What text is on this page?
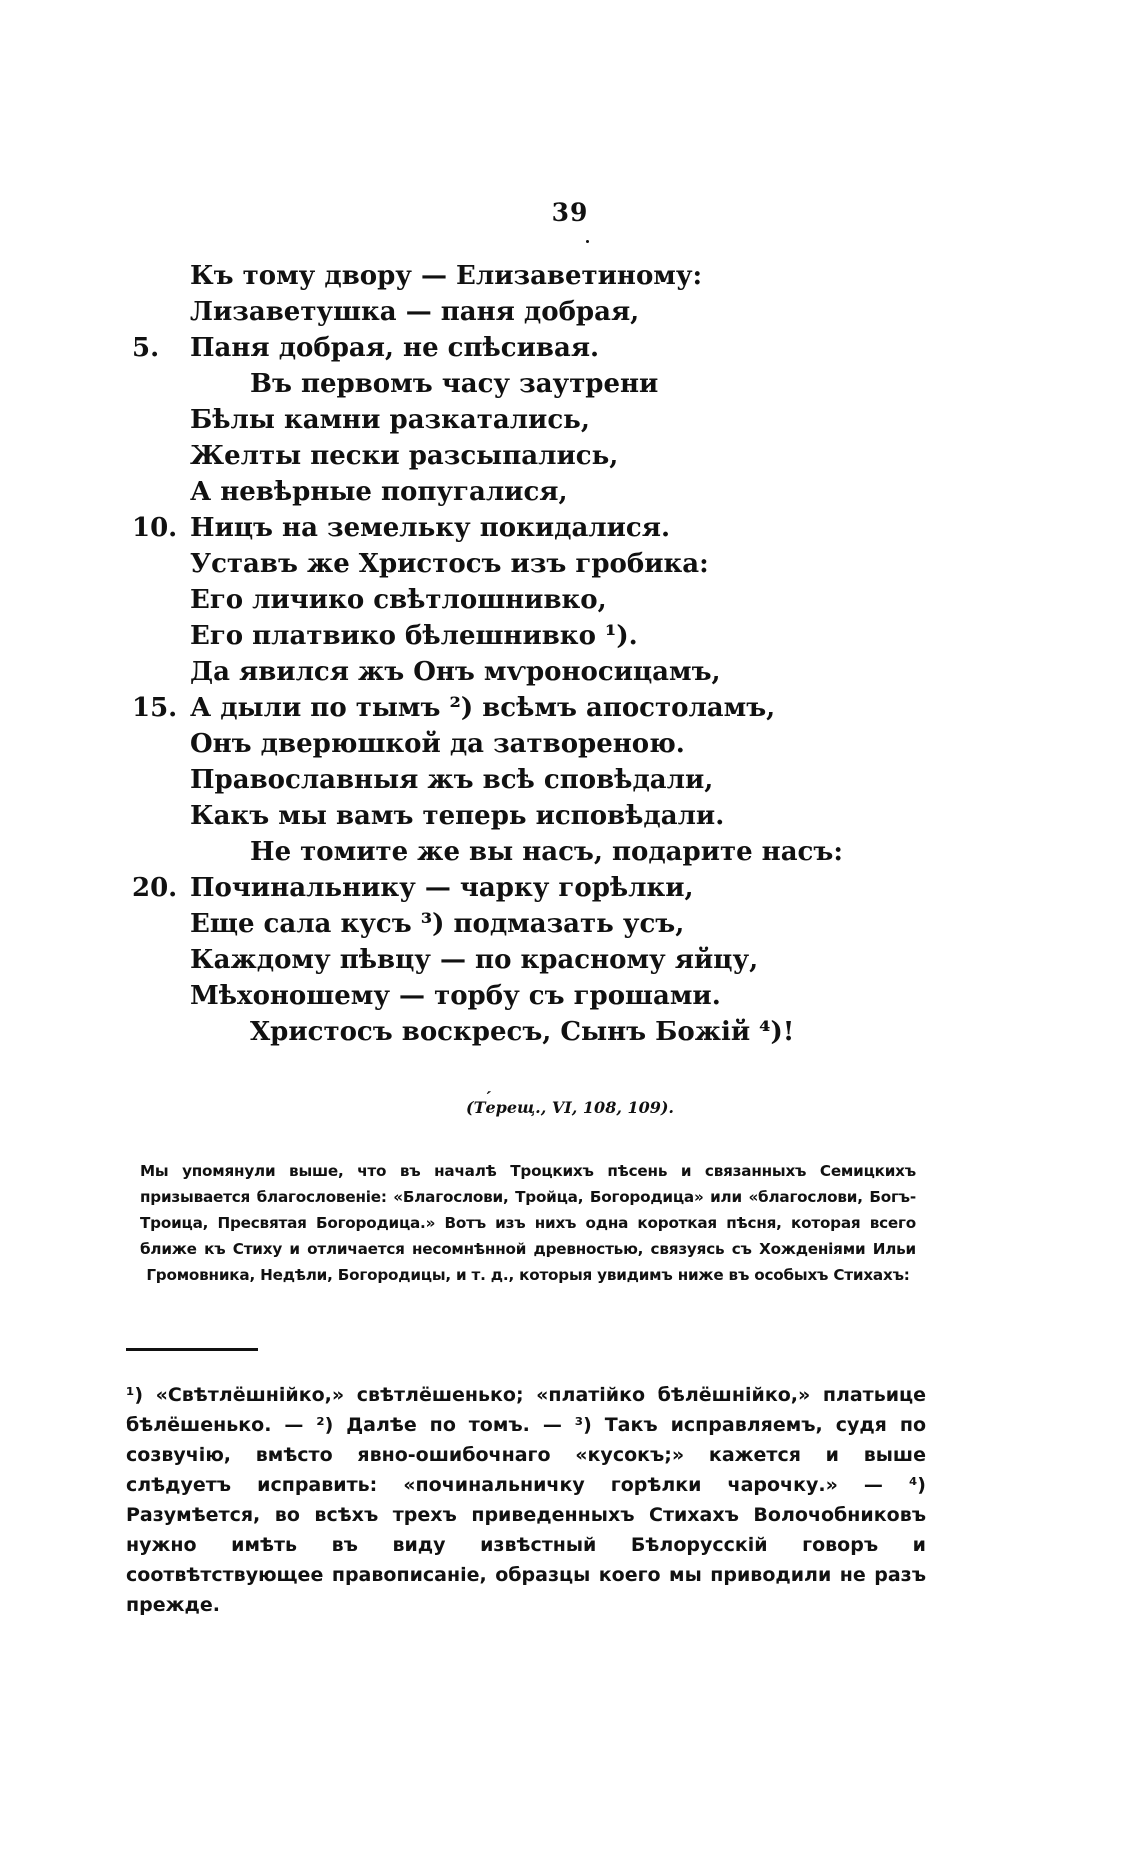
39
Къ тому двору — Елизаветиному:
Лизаветушка — паня добрая,
5.	Паня добрая, не спѣсивая.
Въ первомъ часу заутрени
Бѣлы камни разкатались,
Желты пески разсыпались,
А невѣрные попугалися,
10. Ницъ на земельку покидалися.
Уставъ же Христосъ изъ гробика:
Его личико свѣтлошнивко,
Его платвико бѣлешнивко ¹).
Да явился жъ Онъ мѵроносицамъ,
15. А дыли по тымъ ²) всѣмъ апостоламъ,
Онъ дверюшкой да затвореною.
Православныя жъ всѣ сповѣдали,
Какъ мы вамъ теперь исповѣдали.
Не томите же вы насъ, подарите насъ:
20. Починальнику — чарку горѣлки,
Еще сала кусъ ³) подмазать усъ,
Каждому пѣвцу — по красному яйцу,
Мѣхоношему — торбу съ грошами.
Христосъ воскресъ, Сынъ Божій ⁴)!
ˏ
(Терещ., VI, 108, 109).
Мы упомянули выше, что въ началѣ Троцкихъ пѣсень и связанныхъ Семицкихъ призывается благословеніе: «Благослови, Тройца, Богородица» или «благослови, Богъ-Троица, Пресвятая Богородица.» Вотъ изъ нихъ одна короткая пѣсня, которая всего ближе къ Стиху и отличается несомнѣнной древностью, связуясь съ Хожденіями Ильи Громовника, Недѣли, Богородицы, и т. д., которыя увидимъ ниже въ особыхъ Стихахъ:
¹) «Свѣтлёшнійко,» свѣтлёшенько; «платійко бѣлёшнійко,» платьице бѣлёшенько. — ²) Далѣе по томъ. — ³) Такъ исправляемъ, судя по созвучію, вмѣсто явно-ошибочнаго «кусокъ;» кажется и выше слѣдуетъ исправить: «починальничку горѣлки чарочку.» — ⁴) Разумѣется, во всѣхъ трехъ приведенныхъ Стихахъ Волочобниковъ нужно имѣть въ виду извѣстный Бѣлорусскій говоръ и соотвѣтствующее правописаніе, образцы коего мы приводили не разъ прежде.
